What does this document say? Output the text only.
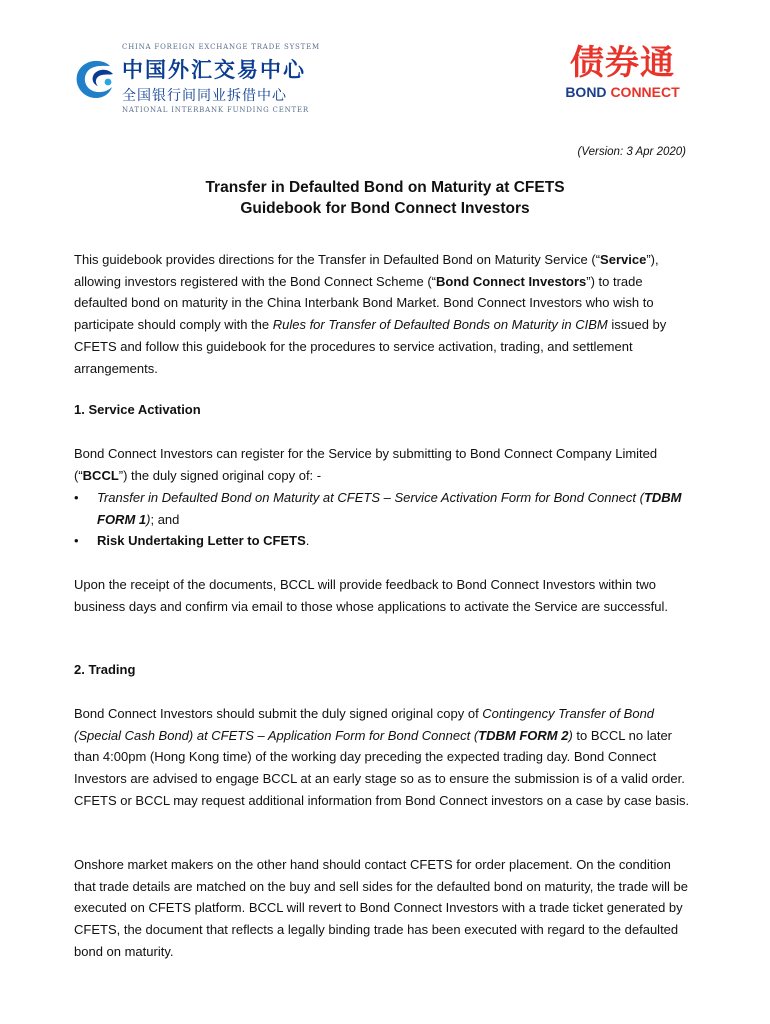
CHINA FOREIGN EXCHANGE TRADE SYSTEM
中国外汇交易中心
全国银行间同业拆借中心
NATIONAL INTERBANK FUNDING CENTER
债券通
BOND CONNECT
(Version: 3 Apr 2020)
Transfer in Defaulted Bond on Maturity at CFETS
Guidebook for Bond Connect Investors

This guidebook provides directions for the Transfer in Defaulted Bond on Maturity Service (“Service”), allowing investors registered with the Bond Connect Scheme (“Bond Connect Investors”) to trade defaulted bond on maturity in the China Interbank Bond Market. Bond Connect Investors who wish to participate should comply with the Rules for Transfer of Defaulted Bonds on Maturity in CIBM issued by CFETS and follow this guidebook for the procedures to service activation, trading, and settlement arrangements.

1. Service Activation

Bond Connect Investors can register for the Service by submitting to Bond Connect Company Limited (“BCCL”) the duly signed original copy of: -

• Transfer in Defaulted Bond on Maturity at CFETS – Service Activation Form for Bond Connect (TDBM FORM 1); and
• Risk Undertaking Letter to CFETS.
Upon the receipt of the documents, BCCL will provide feedback to Bond Connect Investors within two business days and confirm via email to those whose applications to activate the Service are successful.
2. Trading

Bond Connect Investors should submit the duly signed original copy of Contingency Transfer of Bond (Special Cash Bond) at CFETS – Application Form for Bond Connect (TDBM FORM 2) to BCCL no later than 4:00pm (Hong Kong time) of the working day preceding the expected trading day. Bond Connect Investors are advised to engage BCCL at an early stage so as to ensure the submission is of a valid order. CFETS or BCCL may request additional information from Bond Connect investors on a case by case basis.

Onshore market makers on the other hand should contact CFETS for order placement. On the condition that trade details are matched on the buy and sell sides for the defaulted bond on maturity, the trade will be executed on CFETS platform. BCCL will revert to Bond Connect Investors with a trade ticket generated by CFETS, the document that reflects a legally binding trade has been executed with regard to the defaulted bond on maturity.
